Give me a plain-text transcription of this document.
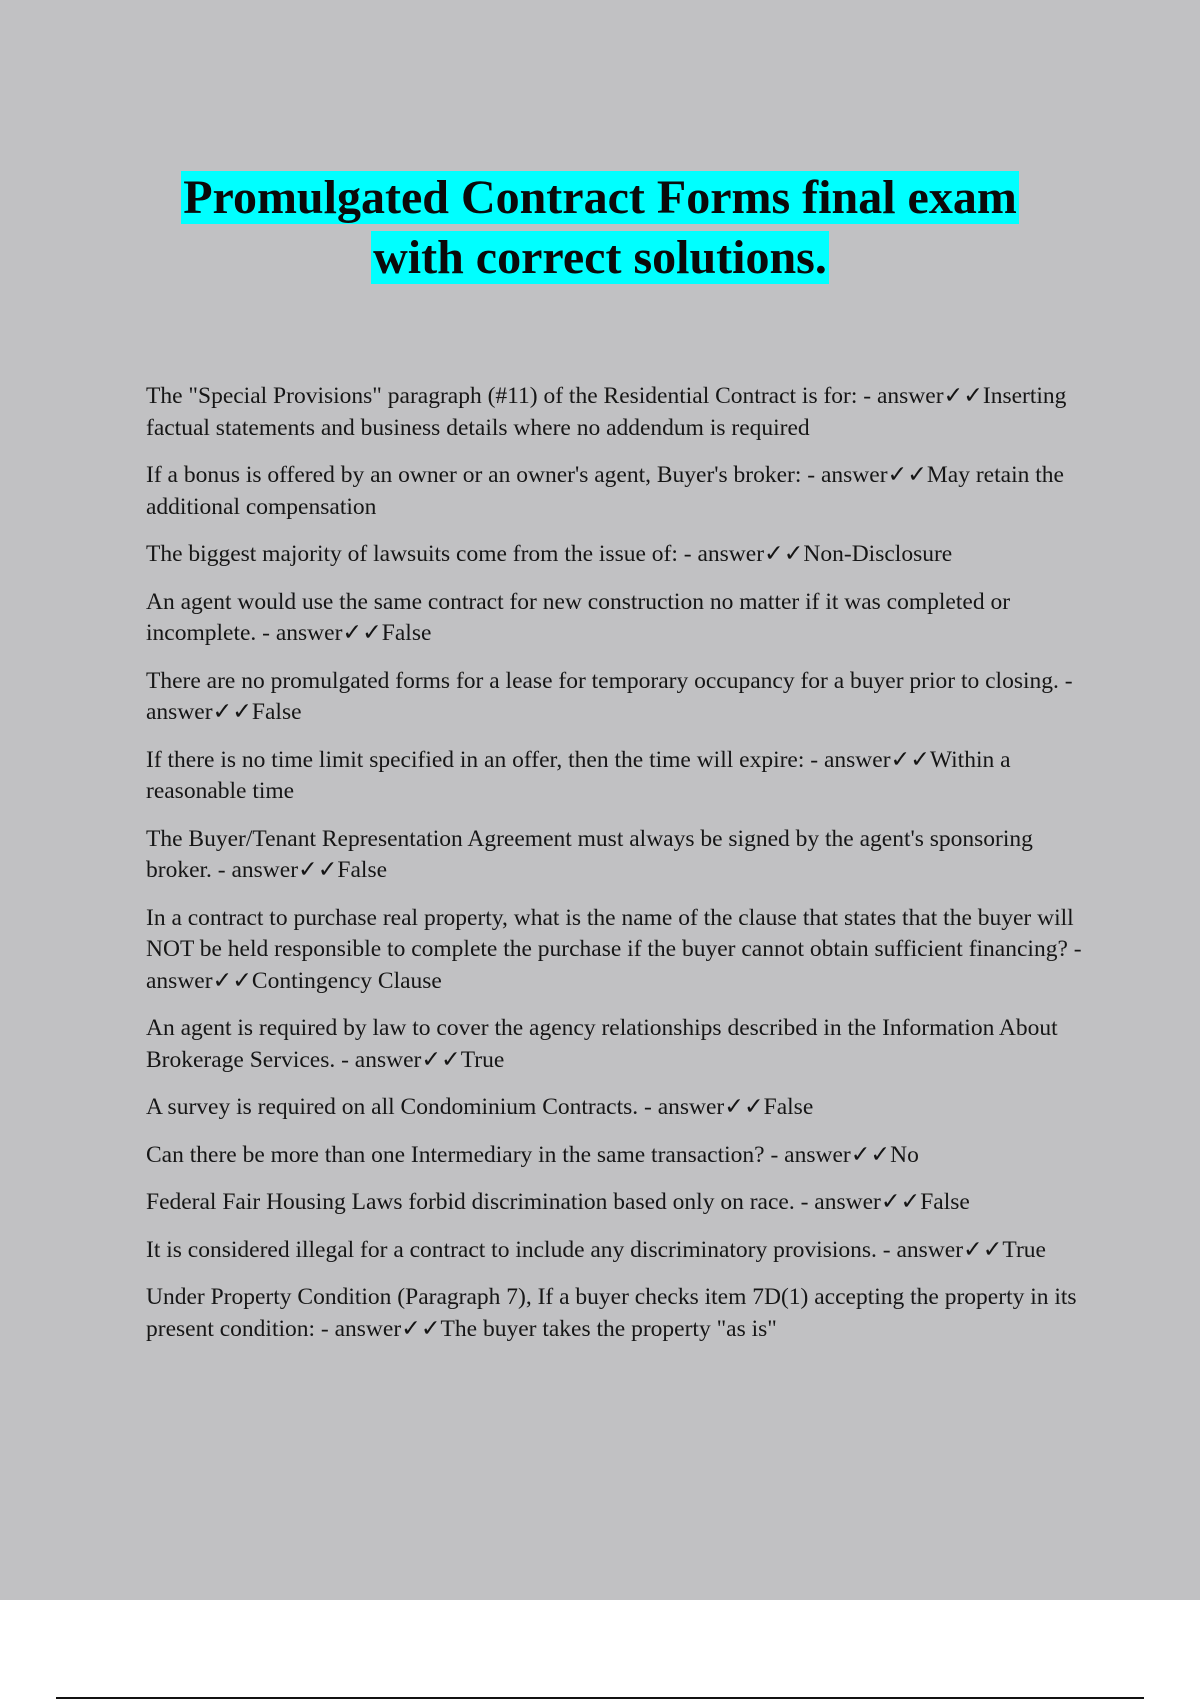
Promulgated Contract Forms final exam
with correct solutions.
The "Special Provisions" paragraph (#11) of the Residential Contract is for: - answer✓✓Inserting factual statements and business details where no addendum is required
If a bonus is offered by an owner or an owner's agent, Buyer's broker: - answer✓✓May retain the additional compensation
The biggest majority of lawsuits come from the issue of: - answer✓✓Non-Disclosure
An agent would use the same contract for new construction no matter if it was completed or incomplete. - answer✓✓False
There are no promulgated forms for a lease for temporary occupancy for a buyer prior to closing. - answer✓✓False
If there is no time limit specified in an offer, then the time will expire: - answer✓✓Within a reasonable time
The Buyer/Tenant Representation Agreement must always be signed by the agent's sponsoring broker. - answer✓✓False
In a contract to purchase real property, what is the name of the clause that states that the buyer will NOT be held responsible to complete the purchase if the buyer cannot obtain sufficient financing? - answer✓✓Contingency Clause
An agent is required by law to cover the agency relationships described in the Information About Brokerage Services. - answer✓✓True
A survey is required on all Condominium Contracts. - answer✓✓False
Can there be more than one Intermediary in the same transaction? - answer✓✓No
Federal Fair Housing Laws forbid discrimination based only on race. - answer✓✓False
It is considered illegal for a contract to include any discriminatory provisions. - answer✓✓True
Under Property Condition (Paragraph 7), If a buyer checks item 7D(1) accepting the property in its present condition: - answer✓✓The buyer takes the property "as is"
